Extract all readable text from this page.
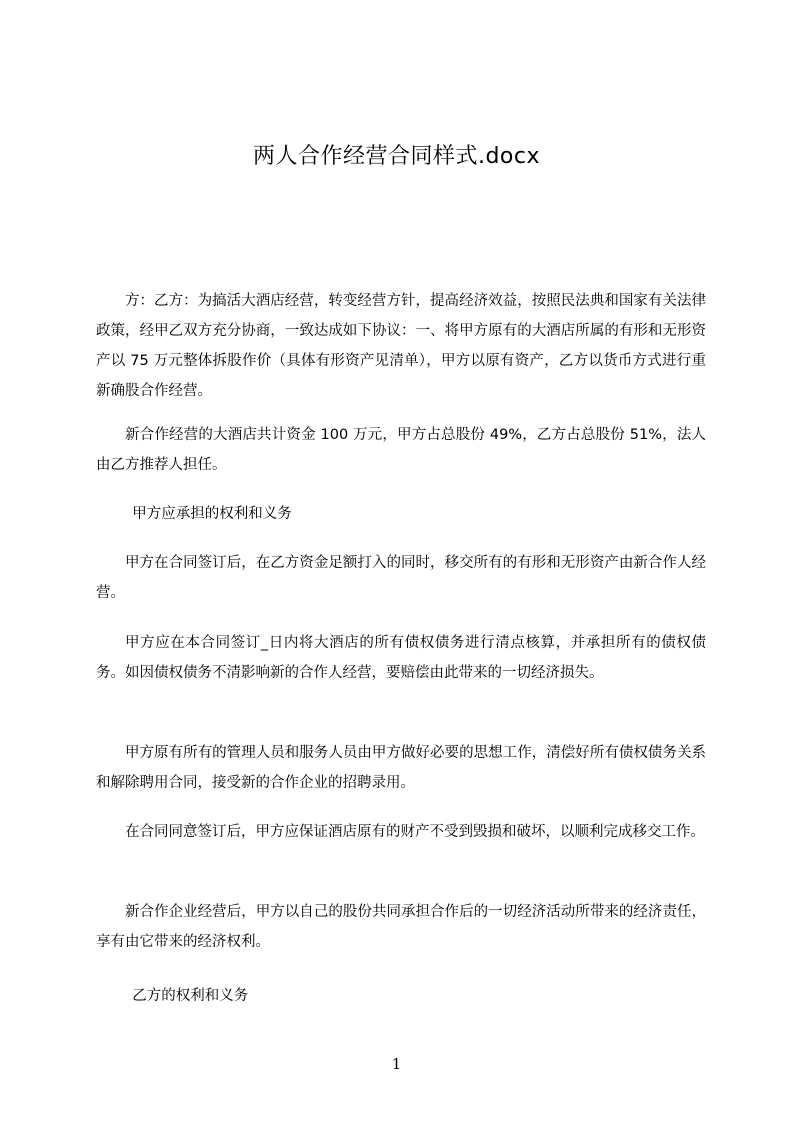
两人合作经营合同样式.docx
方：乙方：为搞活大酒店经营，转变经营方针，提高经济效益，按照民法典和国家有关法律政策，经甲乙双方充分协商，一致达成如下协议：一、将甲方原有的大酒店所属的有形和无形资产以 75 万元整体拆股作价（具体有形资产见清单），甲方以原有资产，乙方以货币方式进行重新确股合作经营。
新合作经营的大酒店共计资金 100 万元，甲方占总股份 49%，乙方占总股份 51%，法人由乙方推荐人担任。
甲方应承担的权利和义务
甲方在合同签订后，在乙方资金足额打入的同时，移交所有的有形和无形资产由新合作人经营。
甲方应在本合同签订_日内将大酒店的所有债权债务进行清点核算，并承担所有的债权债务。如因债权债务不清影响新的合作人经营，要赔偿由此带来的一切经济损失。
甲方原有所有的管理人员和服务人员由甲方做好必要的思想工作，清偿好所有债权债务关系和解除聘用合同，接受新的合作企业的招聘录用。
在合同同意签订后，甲方应保证酒店原有的财产不受到毁损和破坏，以顺利完成移交工作。
新合作企业经营后，甲方以自己的股份共同承担合作后的一切经济活动所带来的经济责任，享有由它带来的经济权利。
乙方的权利和义务
1
